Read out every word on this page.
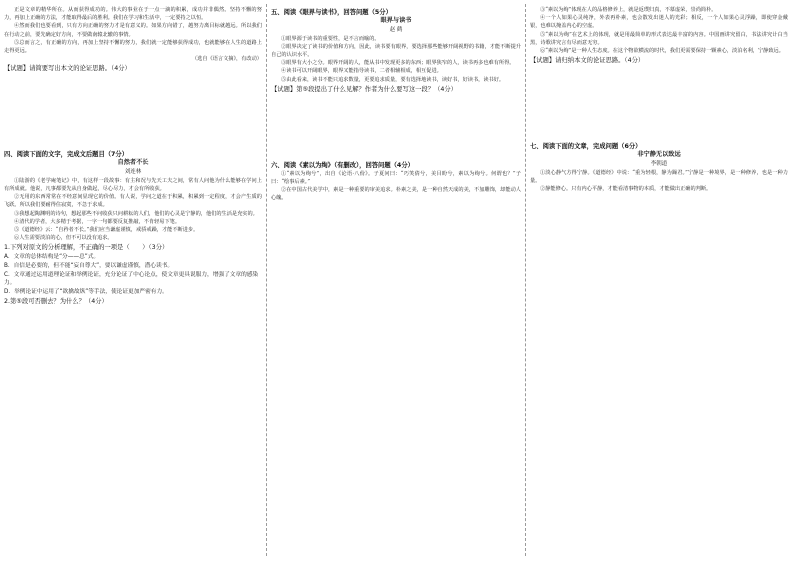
正是文章的精华所在。从而获得成功的。伟大的事业在于一点一滴的积累，成功并非偶然。坚持不懈的努力，再加上正确的方法，才能取得最后的胜利。我们在学习和生活中，一定要持之以恒。

④然而我们也要看到，只有方向正确的努力才是有意义的。如果方向错了，越努力离目标就越远。所以我们在行动之前，要先确定好方向，不要做南辕北辙的事情。

⑤总而言之，有正确的方向，再加上坚持不懈的努力，我们就一定能够获得成功，也就能够在人生的道路上走得更远。

（选自《语言文摘》，有改动）

【试题】请简要写出本文的论证思路。（4分）

四、阅读下面的文字，完成文后题目（7分）

自然者不长

刘连林

①陆游的《老学庵笔记》中，有这样一段故事：有主和况与先天工夫之间，常有人问他为什么能够在学问上有所成就。他说，凡事都要先从自身做起，尽心尽力，才会有所收获。

②无用的东西常常在不经意间显现它的价值。有人说，学问之道在于积累，积累到一定程度，才会产生质的飞跃。所以我们要耐得住寂寞，不急于求成。

③我想起陶渊明的诗句，想起那些不问收获只问耕耘的人们，他们的心灵是宁静的，他们的生活是充实的。

④清代的学者，大多精于考据，一字一句都要反复推敲，不肯轻易下笔。

⑤《道德经》云：“自矜者不长。”我们应当谦虚谨慎，戒骄戒躁，才能不断进步。

⑥人生需要淡泊的心，但不可以没有追求。

1.下列对原文的分析理解，不正确的一项是（　　）（3分）

A．文章的总体结构是“分——总”式。

B．自信是必要的，但不能“妄自尊大”，要以谦虚谨慎，潜心读书。

C．文章通过运用道理论证和举例论证，充分论证了中心论点，使文章更具说服力，增强了文章的感染力。

D．举例论证中运用了“欲擒故纵”等手法，使论证更加严密有力。

2.第⑤段可否删去？为什么？（4分）

五、阅读《眼界与读书》，回答问题（5分）

眼界与读书

赵 鹤

①眼界源于读书的重要性，是不言而喻的。

②眼界决定了读书的价值和方向，因此，读书要有眼界，要选择那些能够开阔视野的书籍，才能不断提升自己的认识水平。

③眼界有大小之分。眼界开阔的人，能从书中发现更多的东西；眼界狭窄的人，读书再多也难有所得。

④读书可以开阔眼界，眼界又能指导读书，二者相辅相成，相互促进。

⑤由此看来，读书不能只追求数量，更要追求质量，要有选择地读书，读好书，好读书，读书好。

【试题】第⑤段提出了什么见解？作者为什么要写这一段？（4分）

六、阅读《素以为绚》（有删改），回答问题（4分）

①“素以为绚兮”，出自《论语·八佾》。子夏问曰：“巧笑倩兮，美目盼兮，素以为绚兮。何谓也？”子曰：“绘事后素。”

②在中国古代美学中，素是一种重要的审美追求。朴素之美，是一种自然天成的美，不加雕饰，却能动人心魄。

③“素以为绚”体现在人的品格修养上，就是返璞归真，不慕虚荣，崇尚简朴。

④一个人如果心灵纯净，外表再朴素，也会散发出迷人的光彩；相反，一个人如果心灵浮躁，即使穿金戴银，也难以掩盖内心的空虚。

⑤“素以为绚”在艺术上的体现，就是用最简单的形式表达最丰富的内容。中国画讲究留白，书法讲究计白当黑，诗歌讲究言有尽而意无穷。

⑥“素以为绚”是一种人生态度。在这个物欲横流的时代，我们更需要保持一颗素心，淡泊名利，宁静致远。

【试题】请归纳本文的论证思路。（4分）

七、阅读下面的文章，完成问题（6分）

非宁静无以致远

李朝道

①淡心静气方得宁静。《道德经》中说：“重为轻根，静为躁君。”宁静是一种境界，是一种修养，也是一种力量。

②静能修心。只有内心平静，才能看清事物的本质，才能做出正确的判断。
